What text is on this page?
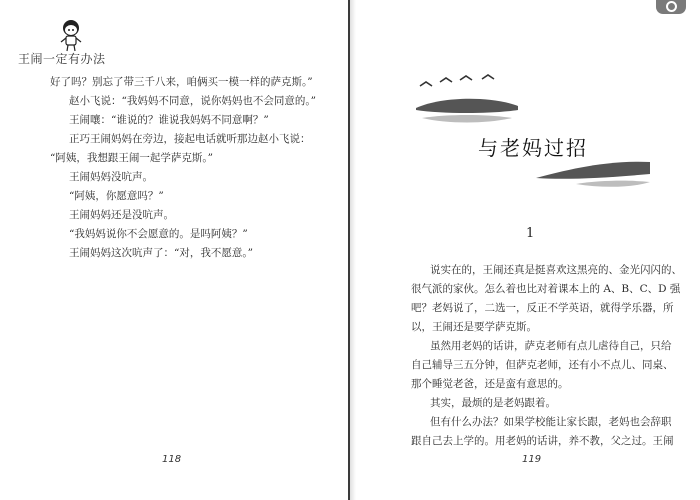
王闹一定有办法

好了吗？别忘了带三千八来，咱俩买一模一样的萨克斯。”

赵小飞说：“我妈妈不同意，说你妈妈也不会同意的。”

王闹嚷：“谁说的？谁说我妈妈不同意啊？”

正巧王闹妈妈在旁边，接起电话就听那边赵小飞说：

“阿姨，我想跟王闹一起学萨克斯。”

王闹妈妈没吭声。

“阿姨，你愿意吗？”

王闹妈妈还是没吭声。

“我妈妈说你不会愿意的。是吗阿姨？”

王闹妈妈这次吭声了：“对，我不愿意。”

118
与老妈过招
1

说实在的，王闹还真是挺喜欢这黑亮的、金光闪闪的、

很气派的家伙。怎么着也比对着课本上的 A、B、C、D 强

吧？老妈说了，二选一，反正不学英语，就得学乐器，所

以，王闹还是要学萨克斯。

虽然用老妈的话讲，萨克老师有点儿虐待自己，只给

自己辅导三五分钟，但萨克老师，还有小不点儿、同桌、

那个睡觉老爸，还是蛮有意思的。

其实，最烦的是老妈跟着。

但有什么办法？如果学校能让家长跟，老妈也会辞职

跟自己去上学的。用老妈的话讲，养不教，父之过。王闹

119
